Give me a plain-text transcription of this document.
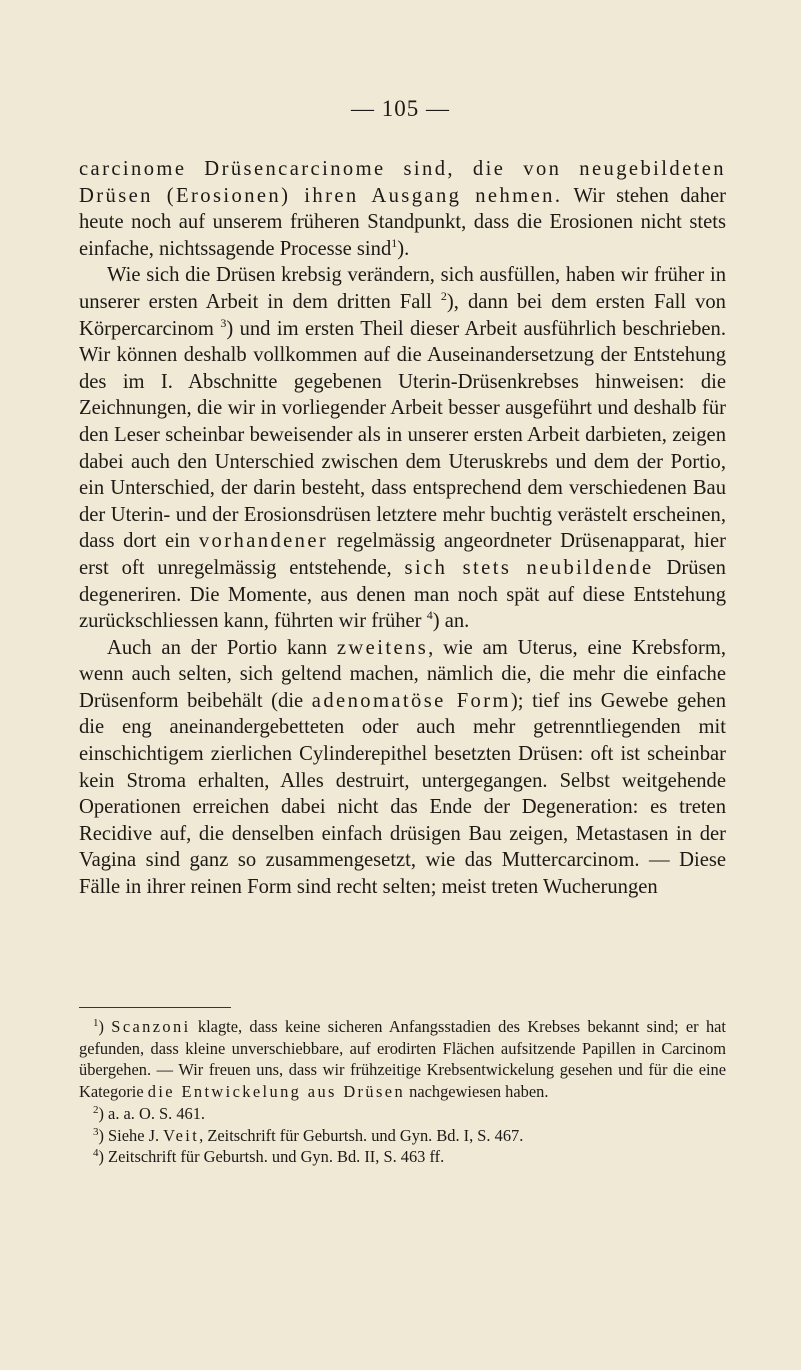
— 105 —

carcinome Drüsencarcinome sind, die von neugebildeten Drüsen (Erosionen) ihren Ausgang nehmen. Wir stehen daher heute noch auf unserem früheren Standpunkt, dass die Erosionen nicht stets einfache, nichtssagende Processe sind$^1$).

Wie sich die Drüsen krebsig verändern, sich ausfüllen, haben wir früher in unserer ersten Arbeit in dem dritten Fall $^2$), dann bei dem ersten Fall von Körpercarcinom $^3$) und im ersten Theil dieser Arbeit ausführlich beschrieben. Wir können deshalb vollkommen auf die Auseinandersetzung der Entstehung des im I. Abschnitte gegebenen Uterin-Drüsenkrebses hinweisen: die Zeichnungen, die wir in vorliegender Arbeit besser ausgeführt und deshalb für den Leser scheinbar beweisender als in unserer ersten Arbeit darbieten, zeigen dabei auch den Unterschied zwischen dem Uteruskrebs und dem der Portio, ein Unterschied, der darin besteht, dass entsprechend dem verschiedenen Bau der Uterin- und der Erosionsdrüsen letztere mehr buchtig verästelt erscheinen, dass dort ein vorhandener regelmässig angeordneter Drüsenapparat, hier erst oft unregelmässig entstehende, sich stets neubildende Drüsen degeneriren. Die Momente, aus denen man noch spät auf diese Entstehung zurückschliessen kann, führten wir früher $^4$) an.

Auch an der Portio kann zweitens, wie am Uterus, eine Krebsform, wenn auch selten, sich geltend machen, nämlich die, die mehr die einfache Drüsenform beibehält (die adenomatöse Form); tief ins Gewebe gehen die eng aneinandergebetteten oder auch mehr getrenntliegenden mit einschichtigem zierlichen Cylinderepithel besetzten Drüsen: oft ist scheinbar kein Stroma erhalten, Alles destruirt, untergegangen. Selbst weitgehende Operationen erreichen dabei nicht das Ende der Degeneration: es treten Recidive auf, die denselben einfach drüsigen Bau zeigen, Metastasen in der Vagina sind ganz so zusammengesetzt, wie das Muttercarcinom. — Diese Fälle in ihrer reinen Form sind recht selten; meist treten Wucherungen

$^1$) Scanzoni klagte, dass keine sicheren Anfangsstadien des Krebses bekannt sind; er hat gefunden, dass kleine unverschiebbare, auf erodirten Flächen aufsitzende Papillen in Carcinom übergehen. — Wir freuen uns, dass wir frühzeitige Krebsentwickelung gesehen und für die eine Kategorie die Entwickelung aus Drüsen nachgewiesen haben.

$^2$) a. a. O. S. 461.

$^3$) Siehe J. Veit, Zeitschrift für Geburtsh. und Gyn. Bd. I, S. 467.

$^4$) Zeitschrift für Geburtsh. und Gyn. Bd. II, S. 463 ff.
